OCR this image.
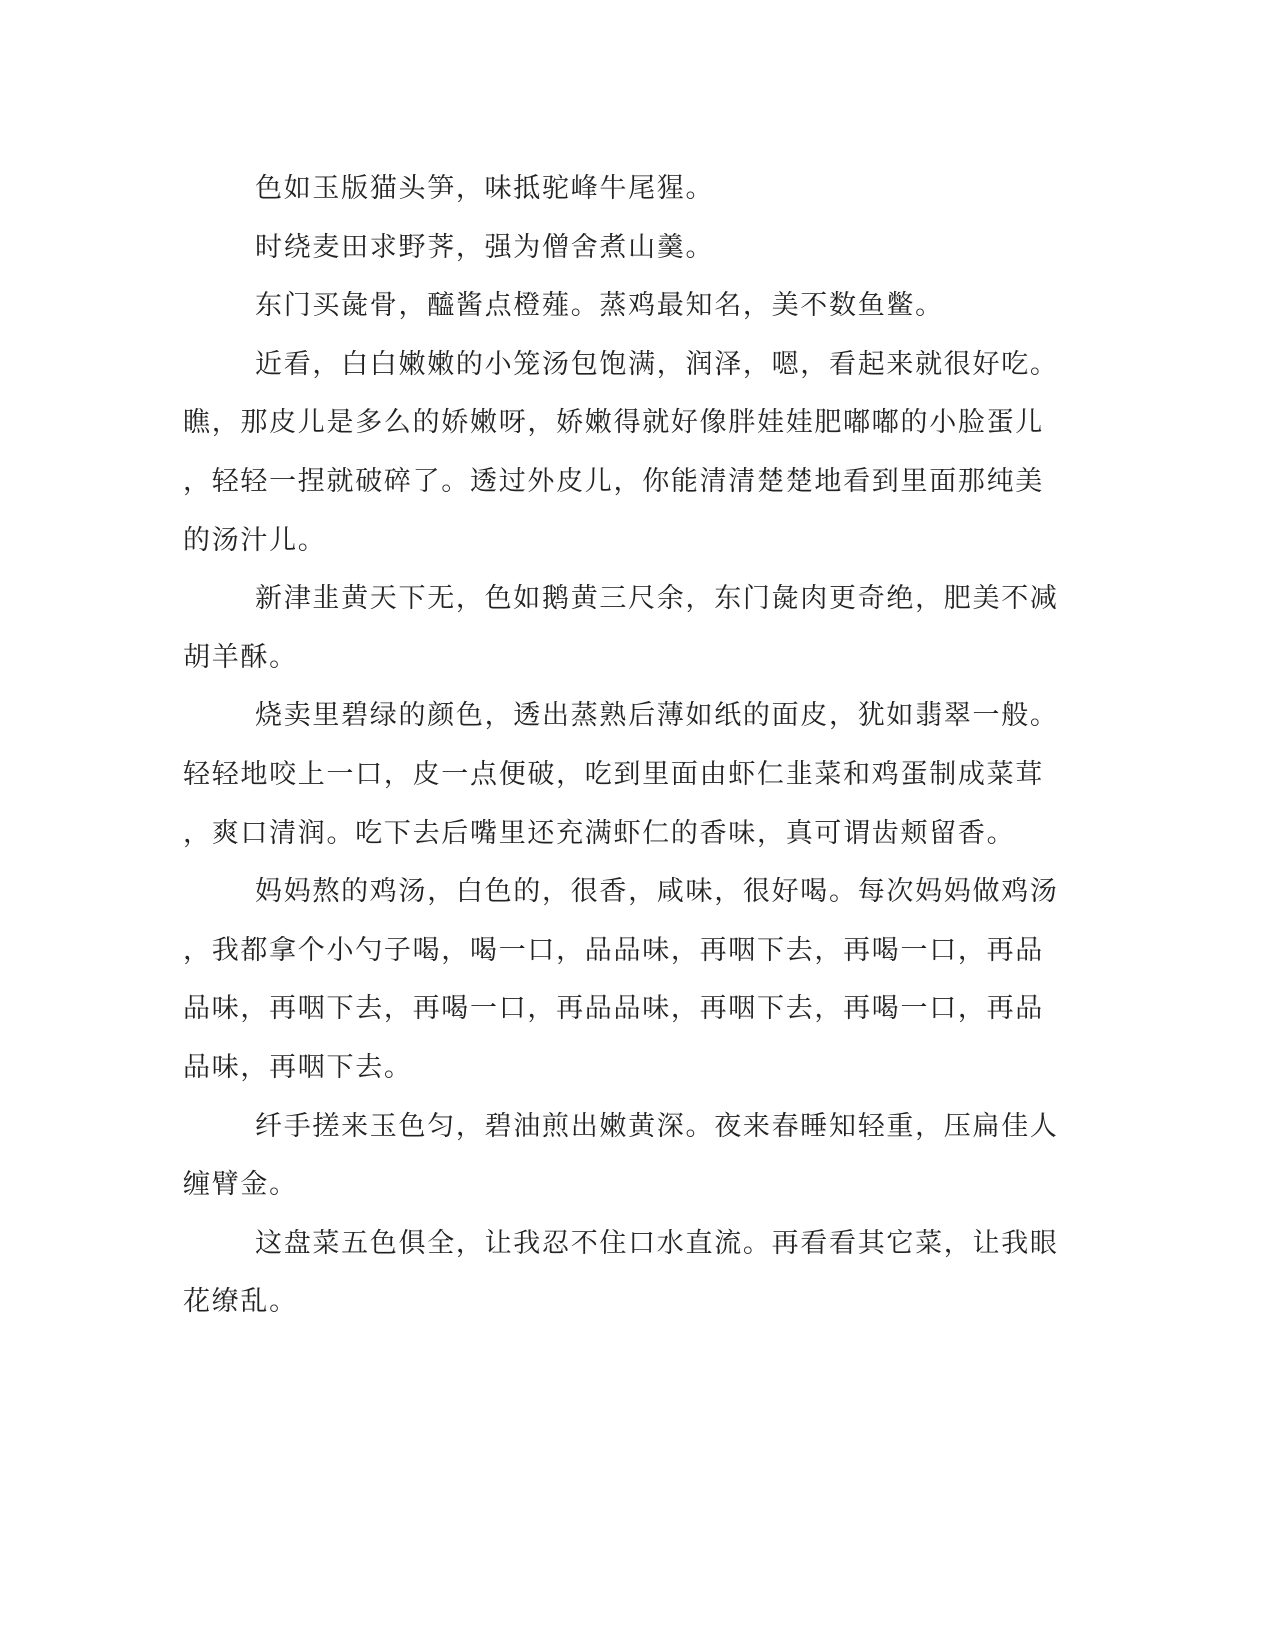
色如玉版猫头笋，味抵驼峰牛尾猩。
时绕麦田求野荠，强为僧舍煮山羹。
东门买彘骨，醯酱点橙薤。蒸鸡最知名，美不数鱼鳖。
近看，白白嫩嫩的小笼汤包饱满，润泽，嗯，看起来就很好吃。
瞧，那皮儿是多么的娇嫩呀，娇嫩得就好像胖娃娃肥嘟嘟的小脸蛋儿
，轻轻一捏就破碎了。透过外皮儿，你能清清楚楚地看到里面那纯美
的汤汁儿。
新津韭黄天下无，色如鹅黄三尺余，东门彘肉更奇绝，肥美不减
胡羊酥。
烧卖里碧绿的颜色，透出蒸熟后薄如纸的面皮，犹如翡翠一般。
轻轻地咬上一口，皮一点便破，吃到里面由虾仁韭菜和鸡蛋制成菜茸
，爽口清润。吃下去后嘴里还充满虾仁的香味，真可谓齿颊留香。
妈妈熬的鸡汤，白色的，很香，咸味，很好喝。每次妈妈做鸡汤
，我都拿个小勺子喝，喝一口，品品味，再咽下去，再喝一口，再品
品味，再咽下去，再喝一口，再品品味，再咽下去，再喝一口，再品
品味，再咽下去。
纤手搓来玉色匀，碧油煎出嫩黄深。夜来春睡知轻重，压扁佳人
缠臂金。
这盘菜五色俱全，让我忍不住口水直流。再看看其它菜，让我眼
花缭乱。
